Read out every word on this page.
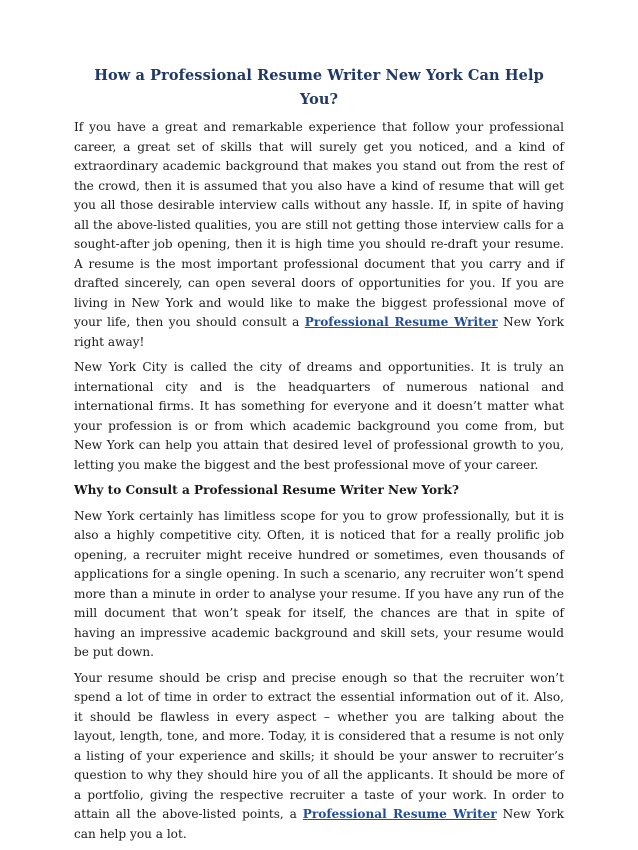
How a Professional Resume Writer New York Can Help You?

If you have a great and remarkable experience that follow your professional career, a great set of skills that will surely get you noticed, and a kind of extraordinary academic background that makes you stand out from the rest of the crowd, then it is assumed that you also have a kind of resume that will get you all those desirable interview calls without any hassle. If, in spite of having all the above-listed qualities, you are still not getting those interview calls for a sought-after job opening, then it is high time you should re-draft your resume. A resume is the most important professional document that you carry and if drafted sincerely, can open several doors of opportunities for you. If you are living in New York and would like to make the biggest professional move of your life, then you should consult a Professional Resume Writer New York right away!

New York City is called the city of dreams and opportunities. It is truly an international city and is the headquarters of numerous national and international firms. It has something for everyone and it doesn’t matter what your profession is or from which academic background you come from, but New York can help you attain that desired level of professional growth to you, letting you make the biggest and the best professional move of your career.

Why to Consult a Professional Resume Writer New York?

New York certainly has limitless scope for you to grow professionally, but it is also a highly competitive city. Often, it is noticed that for a really prolific job opening, a recruiter might receive hundred or sometimes, even thousands of applications for a single opening. In such a scenario, any recruiter won’t spend more than a minute in order to analyse your resume. If you have any run of the mill document that won’t speak for itself, the chances are that in spite of having an impressive academic background and skill sets, your resume would be put down.

Your resume should be crisp and precise enough so that the recruiter won’t spend a lot of time in order to extract the essential information out of it. Also, it should be flawless in every aspect – whether you are talking about the layout, length, tone, and more. Today, it is considered that a resume is not only a listing of your experience and skills; it should be your answer to recruiter’s question to why they should hire you of all the applicants. It should be more of a portfolio, giving the respective recruiter a taste of your work. In order to attain all the above-listed points, a Professional Resume Writer New York can help you a lot.
